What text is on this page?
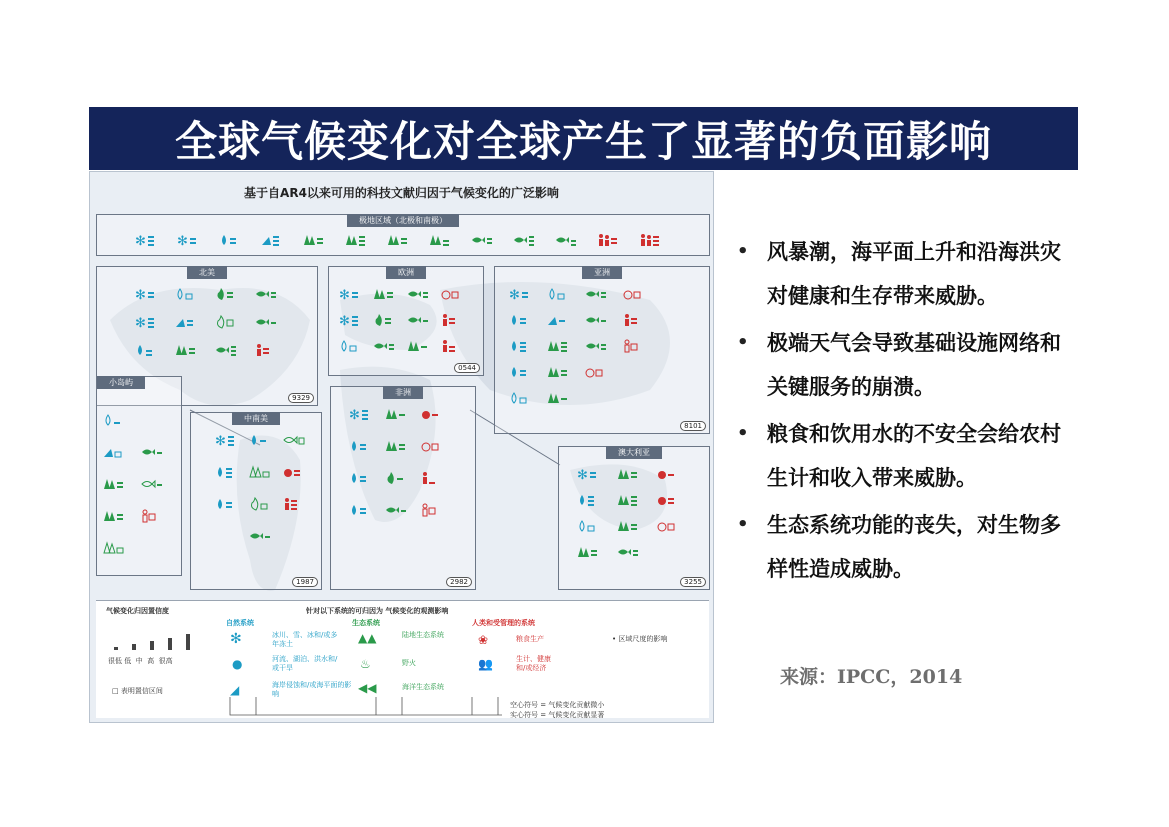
全球气候变化对全球产生了显著的负面影响
基于自AR4以来可用的科技文献归因于气候变化的广泛影响
极地区域（北极和南极）
✻ ✻
北美
✻
✻
9329
欧洲
✻
✻
0544
亚洲
✻
8101
小岛屿
中南美
✻
1987
非洲
✻
2982
澳大利亚
✻
3255
气候变化归因置信度
很低 低  中  高  很高
□ 表明置信区间
针对以下系统的可归因为 气候变化的观测影响
自然系统
冰川、雪、冰和/或多年冻土
河流、湖泊、洪水和/或干旱
海岸侵蚀和/或海平面的影响
✻
●
◢
生态系统
陆地生态系统
野火
海洋生态系统
▲▲
♨
◀◀
人类和受管理的系统
粮食生产
生计、健康和/或经济
❀
👥
• 区域尺度的影响
空心符号 = 气候变化贡献微小
实心符号 = 气候变化贡献显著
• 风暴潮，海平面上升和沿海洪灾对健康和生存带来威胁。
• 极端天气会导致基础设施网络和关键服务的崩溃。
• 粮食和饮用水的不安全会给农村生计和收入带来威胁。
• 生态系统功能的丧失，对生物多样性造成威胁。
来源：IPCC，2014
